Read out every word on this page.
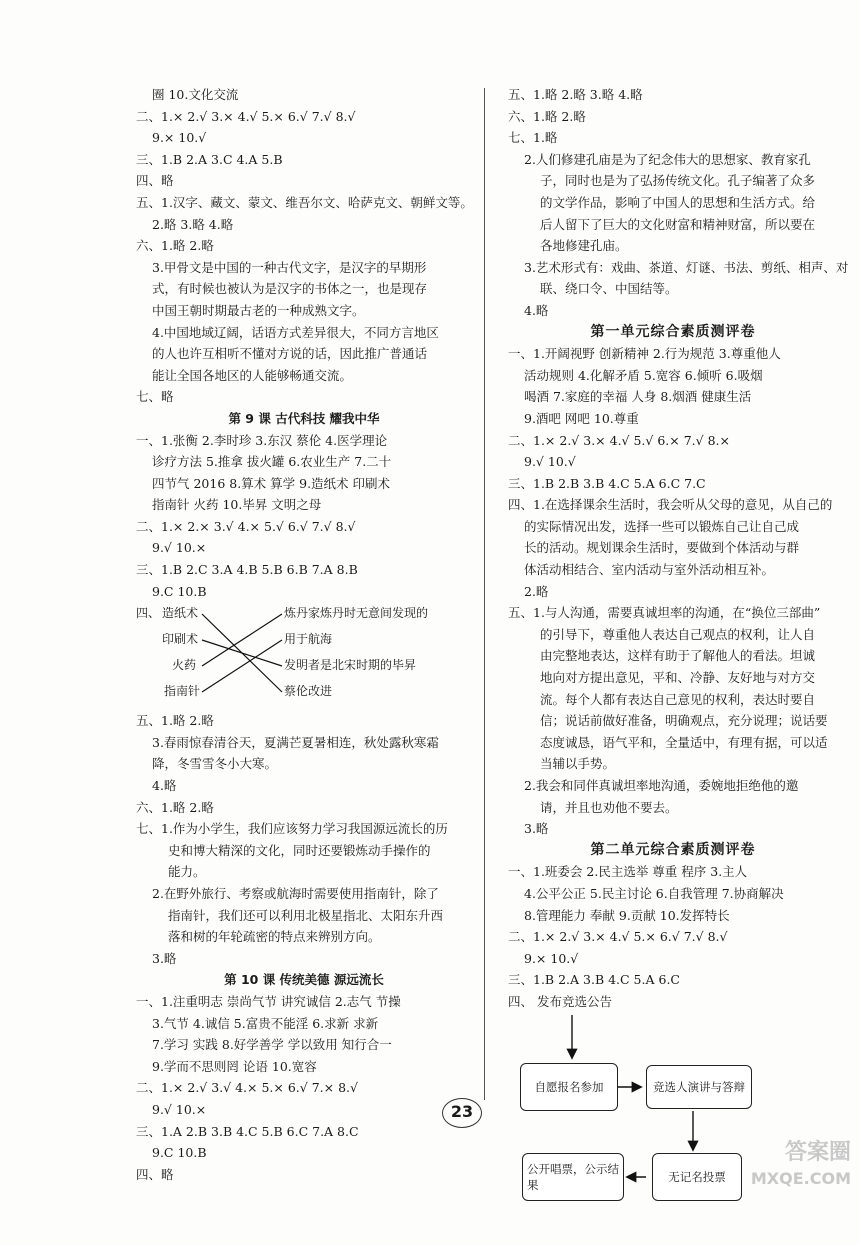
圈 10.文化交流
二、1.× 2.√ 3.× 4.√ 5.× 6.√ 7.√ 8.√
9.× 10.√
三、1.B 2.A 3.C 4.A 5.B
四、略
五、1.汉字、藏文、蒙文、维吾尔文、哈萨克文、朝鲜文等。
2.略 3.略 4.略
六、1.略 2.略
3.甲骨文是中国的一种古代文字，是汉字的早期形
式，有时候也被认为是汉字的书体之一，也是现存
中国王朝时期最古老的一种成熟文字。
4.中国地域辽阔，话语方式差异很大，不同方言地区
的人也许互相听不懂对方说的话，因此推广普通话
能让全国各地区的人能够畅通交流。
七、略
第 9 课 古代科技 耀我中华
一、1.张衡 2.李时珍 3.东汉 蔡伦 4.医学理论
诊疗方法 5.推拿 拔火罐 6.农业生产 7.二十
四节气 2016 8.算术 算学 9.造纸术 印刷术
指南针 火药 10.毕昇 文明之母
二、1.× 2.× 3.√ 4.× 5.√ 6.√ 7.√ 8.√
9.√ 10.×
三、1.B 2.C 3.A 4.B 5.B 6.B 7.A 8.B
9.C 10.B
四、 造纸术
印刷术
火药
指南针
炼丹家炼丹时无意间发现的
用于航海
发明者是北宋时期的毕昇
蔡伦改进
五、1.略 2.略
3.春雨惊春清谷天，夏满芒夏暑相连，秋处露秋寒霜
降，冬雪雪冬小大寒。
4.略
六、1.略 2.略
七、1.作为小学生，我们应该努力学习我国源远流长的历
史和博大精深的文化，同时还要锻炼动手操作的
能力。
2.在野外旅行、考察或航海时需要使用指南针，除了
指南针，我们还可以利用北极星指北、太阳东升西
落和树的年轮疏密的特点来辨别方向。
3.略
第 10 课 传统美德 源远流长
一、1.注重明志 崇尚气节 讲究诚信 2.志气 节操
3.气节 4.诚信 5.富贵不能淫 6.求新 求新
7.学习 实践 8.好学善学 学以致用 知行合一
9.学而不思则罔 论语 10.宽容
二、1.× 2.√ 3.√ 4.× 5.× 6.√ 7.× 8.√
9.√ 10.×
三、1.A 2.B 3.B 4.C 5.B 6.C 7.A 8.C
9.C 10.B
四、略
五、1.略 2.略 3.略 4.略
六、1.略 2.略
七、1.略
2.人们修建孔庙是为了纪念伟大的思想家、教育家孔
子，同时也是为了弘扬传统文化。孔子编著了众多
的文学作品，影响了中国人的思想和生活方式。给
后人留下了巨大的文化财富和精神财富，所以要在
各地修建孔庙。
3.艺术形式有：戏曲、茶道、灯谜、书法、剪纸、相声、对
联、绕口令、中国结等。
4.略
第一单元综合素质测评卷
一、1.开阔视野 创新精神 2.行为规范 3.尊重他人
活动规则 4.化解矛盾 5.宽容 6.倾听 6.吸烟
喝酒 7.家庭的幸福 人身 8.烟酒 健康生活
9.酒吧 网吧 10.尊重
二、1.× 2.√ 3.× 4.√ 5.√ 6.× 7.√ 8.×
9.√ 10.√
三、1.B 2.B 3.B 4.C 5.A 6.C 7.C
四、1.在选择课余生活时，我会听从父母的意见，从自己的
的实际情况出发，选择一些可以锻炼自己让自己成
长的活动。规划课余生活时，要做到个体活动与群
体活动相结合、室内活动与室外活动相互补。
2.略
五、1.与人沟通，需要真诚坦率的沟通，在“换位三部曲”
的引导下，尊重他人表达自己观点的权利，让人自
由完整地表达，这样有助于了解他人的看法。坦诚
地向对方提出意见，平和、冷静、友好地与对方交
流。每个人都有表达自己意见的权利，表达时要自
信；说话前做好准备，明确观点，充分说理；说话要
态度诚恳，语气平和，全量适中，有理有据，可以适
当辅以手势。
2.我会和同伴真诚坦率地沟通，委婉地拒绝他的邀
请，并且也劝他不要去。
3.略
第二单元综合素质测评卷
一、1.班委会 2.民主选举 尊重 程序 3.主人
4.公平公正 5.民主讨论 6.自我管理 7.协商解决
8.管理能力 奉献 9.贡献 10.发挥特长
二、1.× 2.√ 3.× 4.√ 5.× 6.√ 7.√ 8.√
9.× 10.√
三、1.B 2.A 3.B 4.C 5.A 6.C
四、 发布竞选公告
自愿报名参加	竞选人演讲与答辩
无记名投票
公开唱票，公示结果
23
答案圈
MXQE.COM
